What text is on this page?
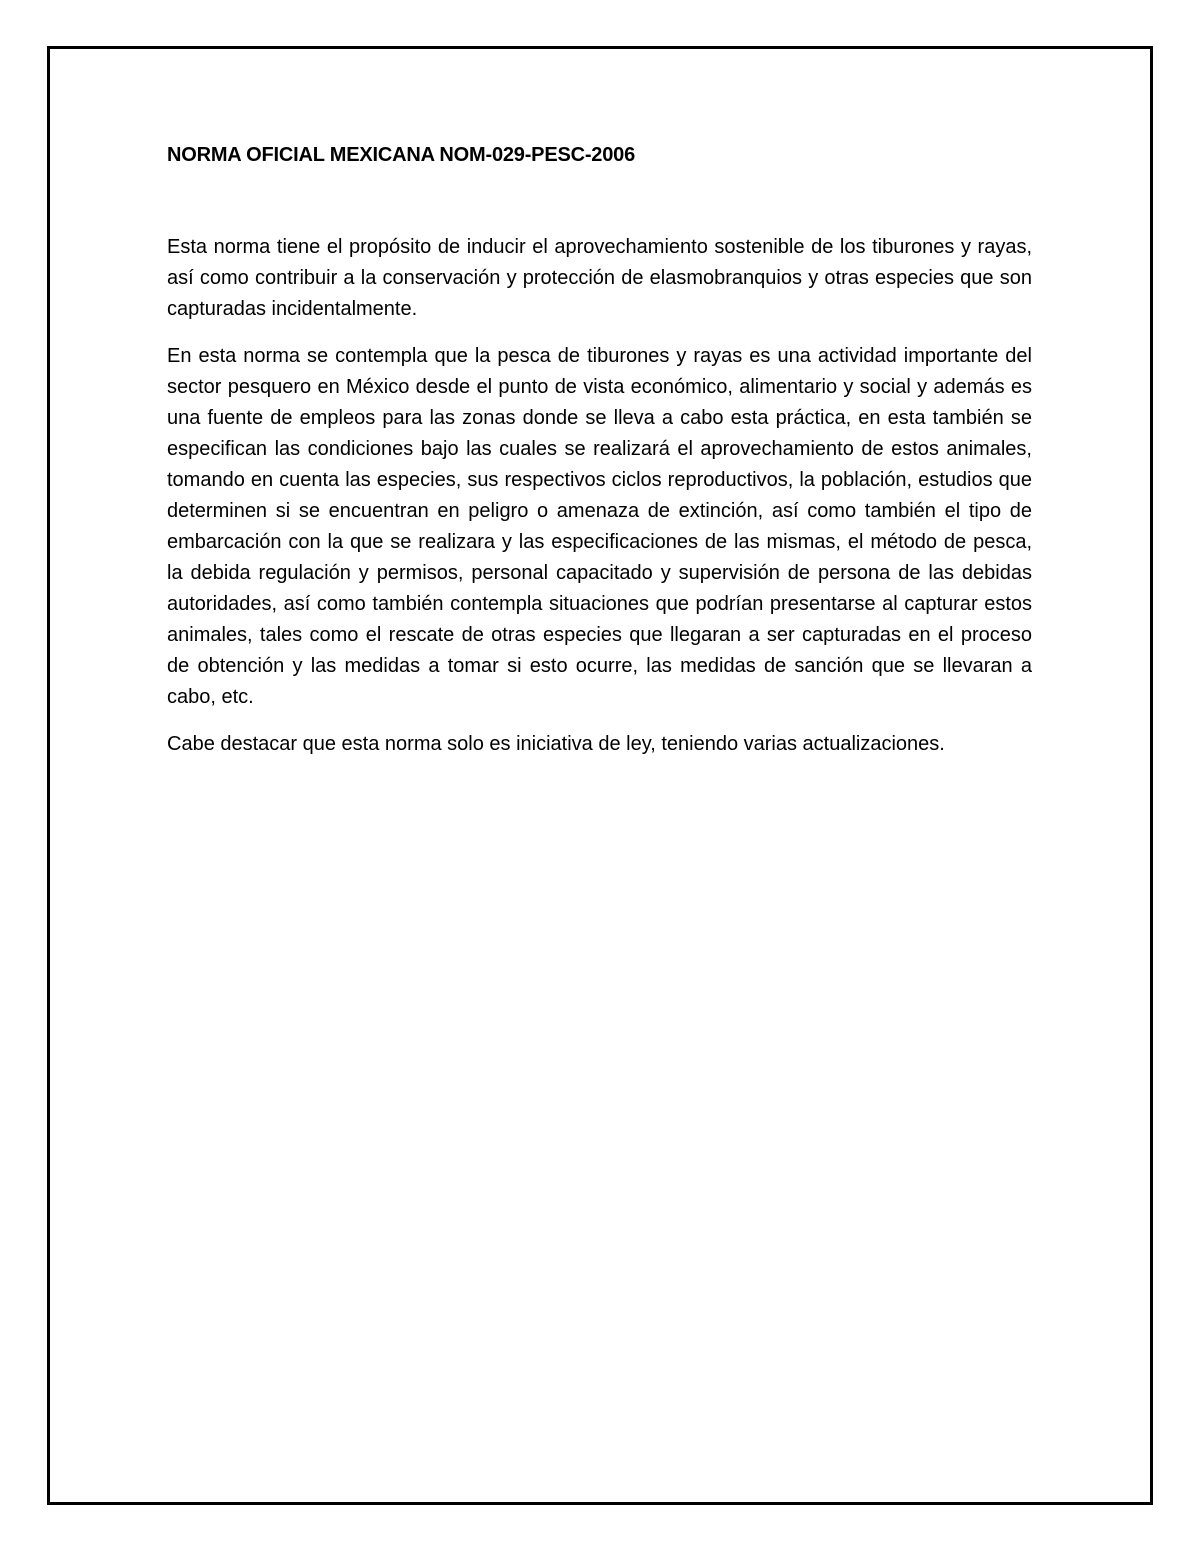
NORMA OFICIAL MEXICANA NOM-029-PESC-2006

Esta norma tiene el propósito de inducir el aprovechamiento sostenible de los tiburones y rayas, así como contribuir a la conservación y protección de elasmobranquios y otras especies que son capturadas incidentalmente.

En esta norma se contempla que la pesca de tiburones y rayas es una actividad importante del sector pesquero en México desde el punto de vista económico, alimentario y social y además es una fuente de empleos para las zonas donde se lleva a cabo esta práctica, en esta también se especifican las condiciones bajo las cuales se realizará el aprovechamiento de estos animales, tomando en cuenta las especies, sus respectivos ciclos reproductivos, la población, estudios que determinen si se encuentran en peligro o amenaza de extinción, así como también el tipo de embarcación con la que se realizara y las especificaciones de las mismas, el método de pesca, la debida regulación y permisos, personal capacitado y supervisión de persona de las debidas autoridades, así como también contempla situaciones que podrían presentarse al capturar estos animales, tales como el rescate de otras especies que llegaran a ser capturadas en el proceso de obtención y las medidas a tomar si esto ocurre, las medidas de sanción que se llevaran a cabo, etc.

Cabe destacar que esta norma solo es iniciativa de ley, teniendo varias actualizaciones.
